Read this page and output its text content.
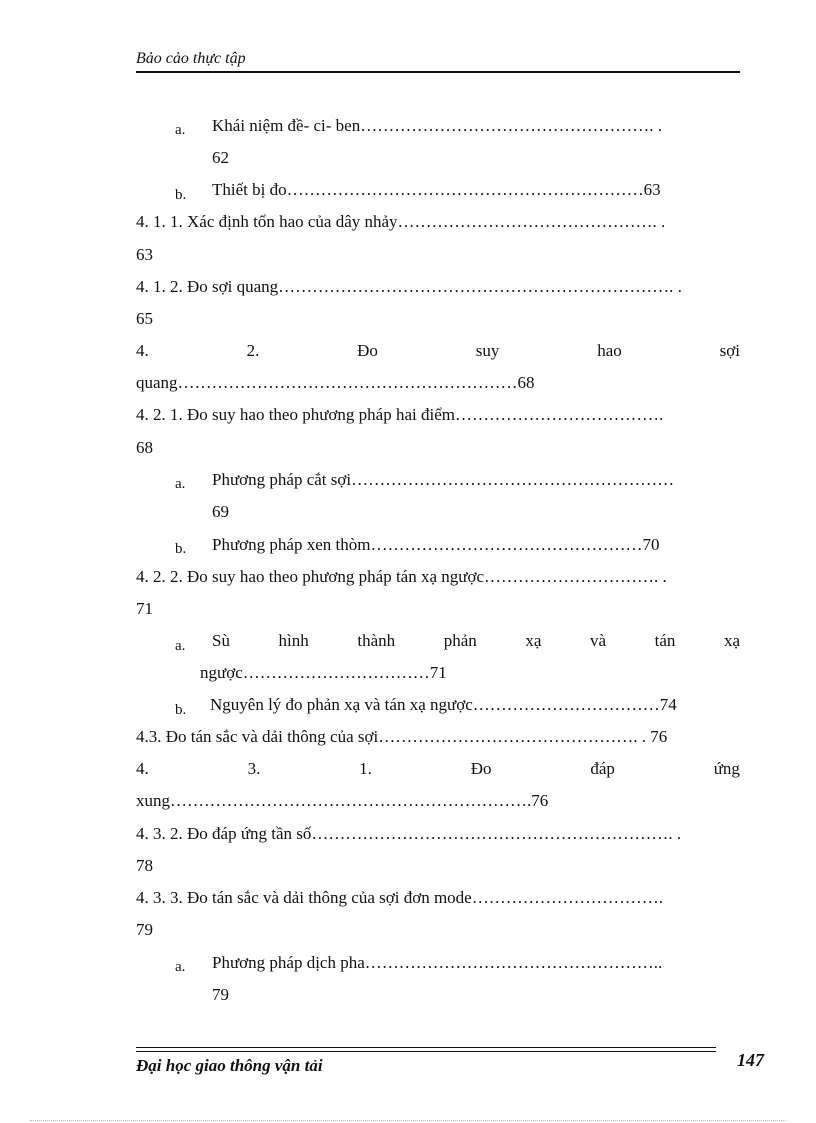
Bảo cảo thực tập
a. Khái niệm đề- ci- ben……………………………………………. .
62
b. Thiết bị đo………………………………………………………63
4. 1. 1. Xác định tổn hao của dây nhảy………………………………………. .
63
4. 1. 2. Đo sợi quang……………………………………………………………. .
65
4.	2.	Đo	suy	hao	sợi
quang……………………………………………………68
4. 2. 1. Đo suy hao theo phương pháp hai điểm……………………………….
68
a. Phương pháp cắt sợi…………………………………………………
69
b. Phương pháp xen thòm…………………………………………70
4. 2. 2. Đo suy hao theo phương pháp tán xạ ngược…………………………. .
71
a. Sù	hình	thành	phản	xạ	và	tán	xạ
ngược……………………………71
b. Nguyên lý đo phản xạ và tán xạ ngược……………………………74
4.3. Đo tán sắc và dải thông của sợi………………………………………. . 76
4.	3.	1.	Đo	đáp	ứng
xung……………………………………………………….76
4. 3. 2. Đo đáp ứng tần số………………………………………………………. .
78
4. 3. 3. Đo tán sắc và dải thông của sợi đơn mode…………………………….
79
a. Phương pháp dịch pha……………………………………………..
79
Đại học giao thông vận tải	147
